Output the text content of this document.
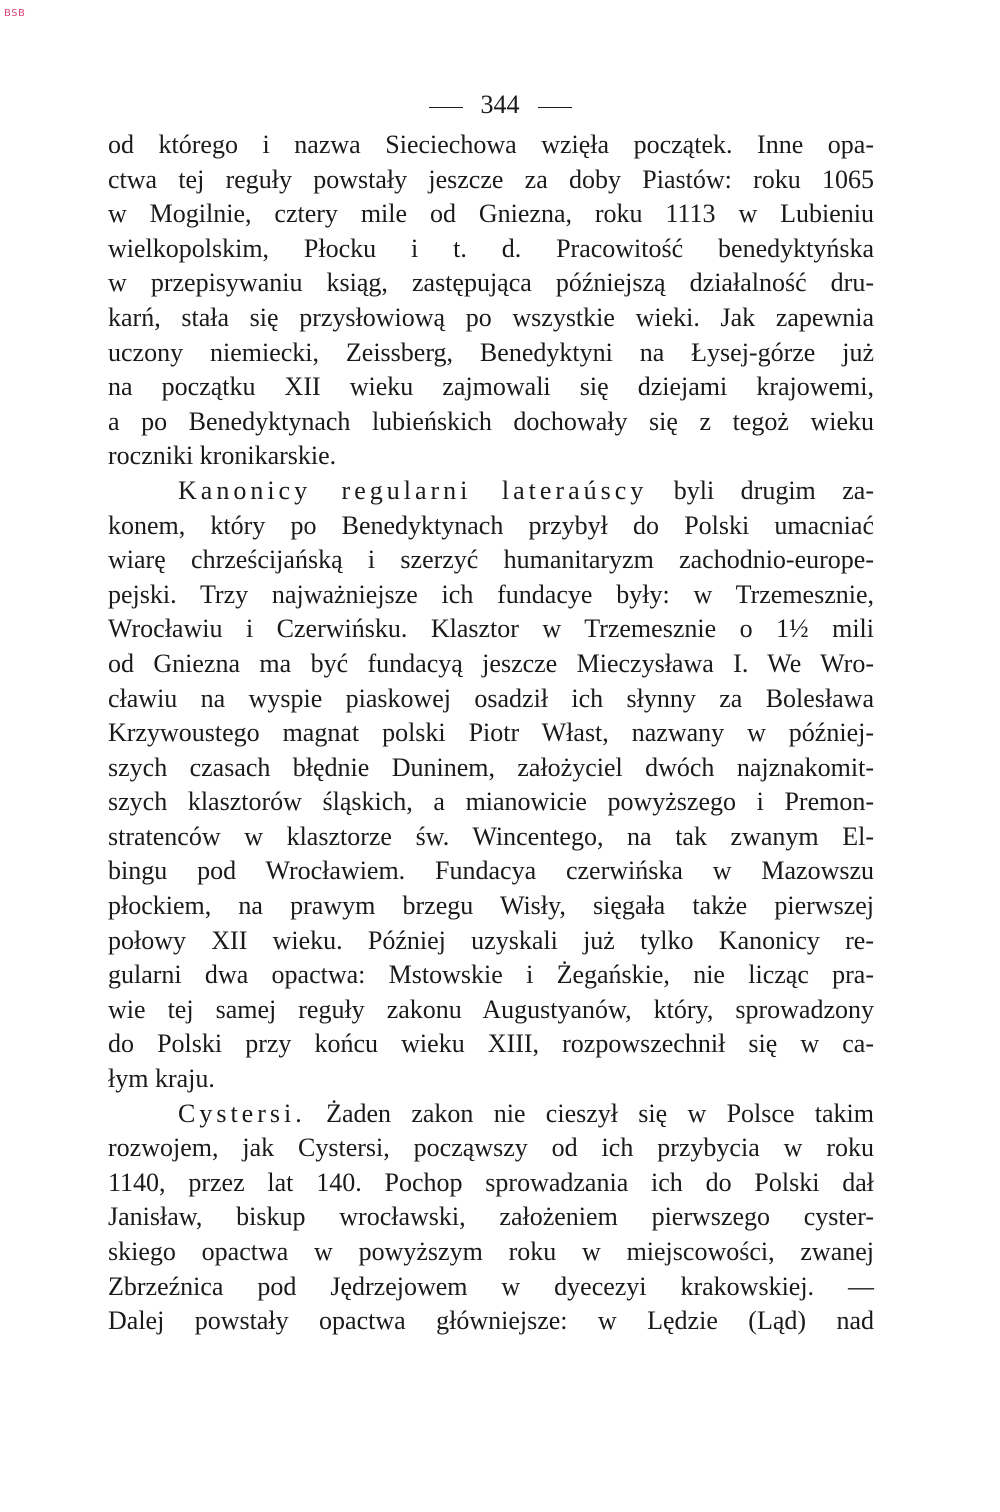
BSB
344
od którego i nazwa Sieciechowa wzięła początek. Inne opa-
ctwa tej reguły powstały jeszcze za doby Piastów: roku 1065
w Mogilnie, cztery mile od Gniezna, roku 1113 w Lubieniu
wielkopolskim, Płocku i t. d. Pracowitość benedyktyńska
w przepisywaniu ksiąg, zastępująca późniejszą działalność dru-
karń, stała się przysłowiową po wszystkie wieki. Jak zapewnia
uczony niemiecki, Zeissberg, Benedyktyni na Łysej-górze już
na początku XII wieku zajmowali się dziejami krajowemi,
a po Benedyktynach lubieńskich dochowały się z tegoż wieku
roczniki kronikarskie.
Kanonicy regularni lateraúscy byli drugim za-
konem, który po Benedyktynach przybył do Polski umacniać
wiarę chrześcijańską i szerzyć humanitaryzm zachodnio-europe-
pejski. Trzy najważniejsze ich fundacye były: w Trzemesznie,
Wrocławiu i Czerwińsku. Klasztor w Trzemesznie o 1½ mili
od Gniezna ma być fundacyą jeszcze Mieczysława I. We Wro-
cławiu na wyspie piaskowej osadził ich słynny za Bolesława
Krzywoustego magnat polski Piotr Włast, nazwany w później-
szych czasach błędnie Duninem, założyciel dwóch najznakomit-
szych klasztorów śląskich, a mianowicie powyższego i Premon-
stratenców w klasztorze św. Wincentego, na tak zwanym El-
bingu pod Wrocławiem. Fundacya czerwińska w Mazowszu
płockiem, na prawym brzegu Wisły, sięgała także pierwszej
połowy XII wieku. Później uzyskali już tylko Kanonicy re-
gularni dwa opactwa: Mstowskie i Żegańskie, nie licząc pra-
wie tej samej reguły zakonu Augustyanów, który, sprowadzony
do Polski przy końcu wieku XIII, rozpowszechnił się w ca-
łym kraju.
Cystersi. Żaden zakon nie cieszył się w Polsce takim
rozwojem, jak Cystersi, począwszy od ich przybycia w roku
1140, przez lat 140. Pochop sprowadzania ich do Polski dał
Janisław, biskup wrocławski, założeniem pierwszego cyster-
skiego opactwa w powyższym roku w miejscowości, zwanej
Zbrzeźnica pod Jędrzejowem w dyecezyi krakowskiej. —
Dalej powstały opactwa główniejsze: w Lędzie (Ląd) nad
